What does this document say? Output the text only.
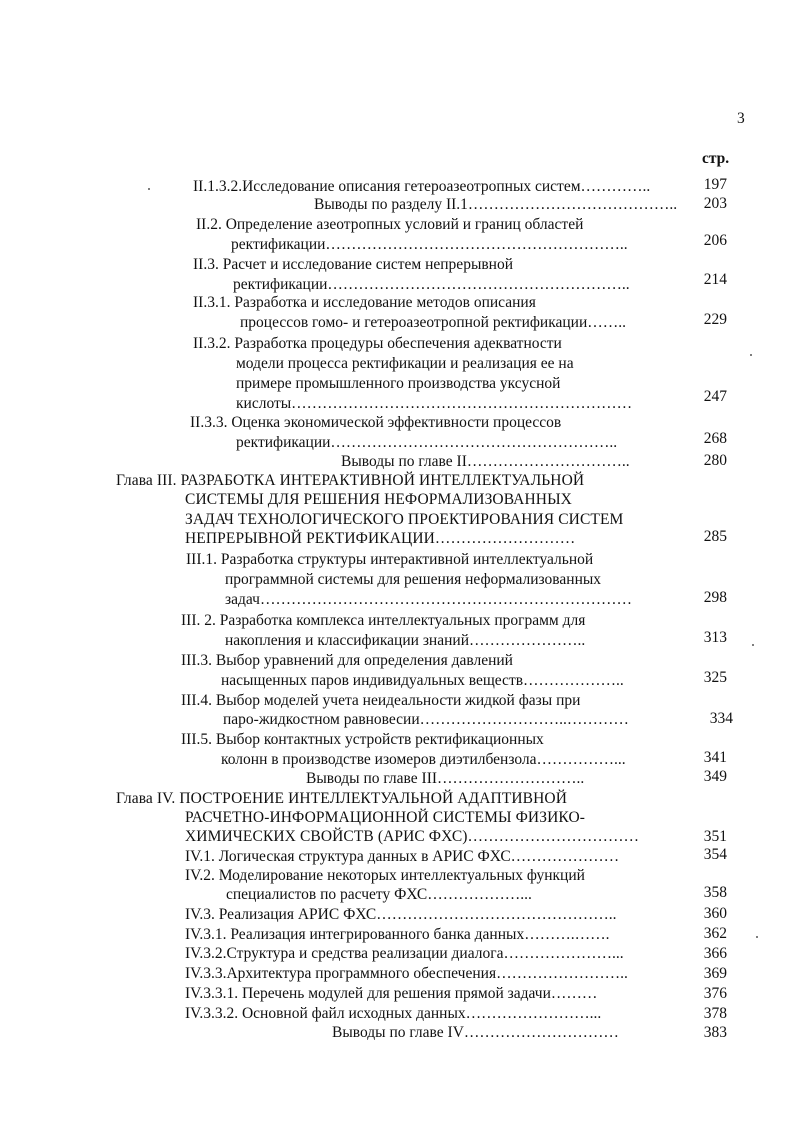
3
стр.
II.1.3.2.Исследование описания гетероазеотропных систем…………..	197
Выводы по разделу II.1…………………………………..	203
II.2. Определение азеотропных условий и границ областей
ректификации…………………………………………………..	206
II.3. Расчет и исследование систем непрерывной
ректификации…………………………………………………..	214
II.3.1. Разработка и исследование методов описания
процессов гомо- и гетероазеотропной ректификации……..	229
II.3.2. Разработка процедуры обеспечения адекватности
модели процесса ректификации и реализация ее на
примере промышленного производства уксусной
кислоты…………………………………………………………	247
II.3.3. Оценка экономической эффективности процессов
ректификации………………………………………………..	268
Выводы по главе II…………………………..	280
Глава III. РАЗРАБОТКА ИНТЕРАКТИВНОЙ ИНТЕЛЛЕКТУАЛЬНОЙ
СИСТЕМЫ ДЛЯ РЕШЕНИЯ НЕФОРМАЛИЗОВАННЫХ
ЗАДАЧ ТЕХНОЛОГИЧЕСКОГО ПРОЕКТИРОВАНИЯ СИСТЕМ
НЕПРЕРЫВНОЙ РЕКТИФИКАЦИИ………………………	285
III.1. Разработка структуры интерактивной интеллектуальной
программной системы для решения неформализованных
задач………………………………………………………………	298
III. 2. Разработка комплекса интеллектуальных программ для
накопления и классификации знаний…………………..	313
III.3. Выбор уравнений для определения давлений
насыщенных паров индивидуальных веществ………………..	325
III.4. Выбор моделей учета неидеальности жидкой фазы при
паро-жидкостном равновесии………………………..…………	334
III.5. Выбор контактных устройств ректификационных
колонн в производстве изомеров диэтилбензола……………...	341
Выводы по главе III………………………..	349
Глава IV. ПОСТРОЕНИЕ ИНТЕЛЛЕКТУАЛЬНОЙ АДАПТИВНОЙ
РАСЧЕТНО-ИНФОРМАЦИОННОЙ СИСТЕМЫ ФИЗИКО-
ХИМИЧЕСКИХ СВОЙСТВ (АРИС ФХС)……………………………	351
IV.1. Логическая структура данных в АРИС ФХС…………………	354
IV.2. Моделирование некоторых интеллектуальных функций
специалистов по расчету ФХС………………...	358
IV.3. Реализация АРИС ФХС………………………………………..	360
IV.3.1. Реализация интегрированного банка данных……….…….	362
IV.3.2.Структура и средства реализации диалога…………………...	366
IV.3.3.Архитектура программного обеспечения……………………..	369
IV.3.3.1. Перечень модулей для решения прямой задачи………	376
IV.3.3.2. Основной файл исходных данных……………………...	378
Выводы по главе IV…………………………	383
